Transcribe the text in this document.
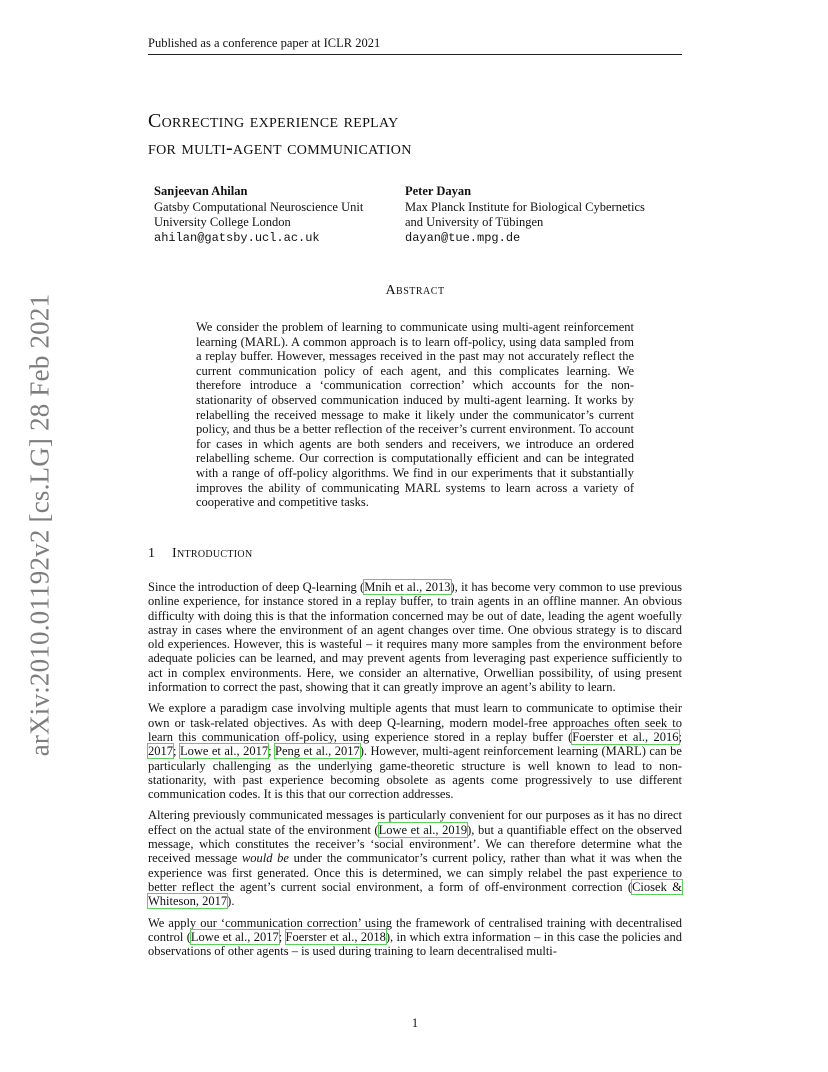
Published as a conference paper at ICLR 2021
arXiv:2010.01192v2 [cs.LG] 28 Feb 2021
Correcting experience replay
for multi-agent communication
Sanjeevan Ahilan
Gatsby Computational Neuroscience Unit
University College London
ahilan@gatsby.ucl.ac.uk
Peter Dayan
Max Planck Institute for Biological Cybernetics
and University of Tübingen
dayan@tue.mpg.de
Abstract
We consider the problem of learning to communicate using multi-agent reinforcement learning (MARL). A common approach is to learn off-policy, using data sampled from a replay buffer. However, messages received in the past may not accurately reflect the current communication policy of each agent, and this complicates learning. We therefore introduce a ‘communication correction’ which accounts for the non-stationarity of observed communication induced by multi-agent learning. It works by relabelling the received message to make it likely under the communicator’s current policy, and thus be a better reflection of the receiver’s current environment. To account for cases in which agents are both senders and receivers, we introduce an ordered relabelling scheme. Our correction is computationally efficient and can be integrated with a range of off-policy algorithms. We find in our experiments that it substantially improves the ability of communicating MARL systems to learn across a variety of cooperative and competitive tasks.
1 Introduction

Since the introduction of deep Q-learning (Mnih et al., 2013), it has become very common to use previous online experience, for instance stored in a replay buffer, to train agents in an offline manner. An obvious difficulty with doing this is that the information concerned may be out of date, leading the agent woefully astray in cases where the environment of an agent changes over time. One obvious strategy is to discard old experiences. However, this is wasteful – it requires many more samples from the environment before adequate policies can be learned, and may prevent agents from leveraging past experience sufficiently to act in complex environments. Here, we consider an alternative, Orwellian possibility, of using present information to correct the past, showing that it can greatly improve an agent’s ability to learn.

We explore a paradigm case involving multiple agents that must learn to communicate to optimise their own or task-related objectives. As with deep Q-learning, modern model-free approaches often seek to learn this communication off-policy, using experience stored in a replay buffer (Foerster et al., 2016; 2017; Lowe et al., 2017; Peng et al., 2017). However, multi-agent reinforcement learning (MARL) can be particularly challenging as the underlying game-theoretic structure is well known to lead to non-stationarity, with past experience becoming obsolete as agents come progressively to use different communication codes. It is this that our correction addresses.

Altering previously communicated messages is particularly convenient for our purposes as it has no direct effect on the actual state of the environment (Lowe et al., 2019), but a quantifiable effect on the observed message, which constitutes the receiver’s ‘social environment’. We can therefore determine what the received message would be under the communicator’s current policy, rather than what it was when the experience was first generated. Once this is determined, we can simply relabel the past experience to better reflect the agent’s current social environment, a form of off-environment correction (Ciosek & Whiteson, 2017).

We apply our ‘communication correction’ using the framework of centralised training with decentralised control (Lowe et al., 2017; Foerster et al., 2018), in which extra information – in this case the policies and observations of other agents – is used during training to learn decentralised multi-

1
